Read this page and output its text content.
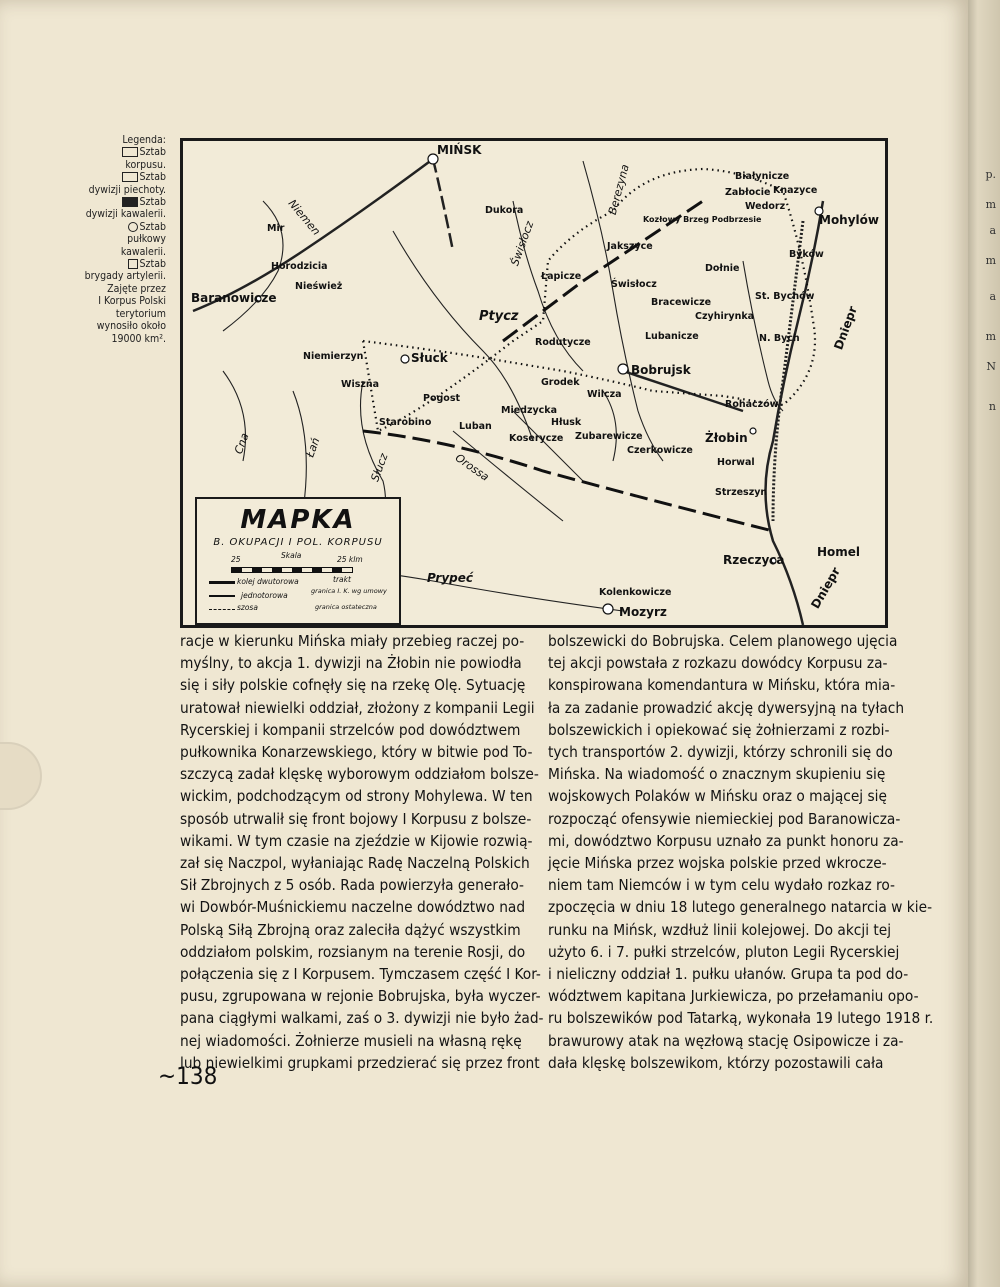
Legenda:
Sztab
korpusu.
Sztab
dywizji piechoty.
Sztab
dywizji kawalerii.
Sztab
pułkowy kawalerii.
Sztab
brygady artylerii.
Zajęte przez
I Korpus Polski
terytorium
wynosiło około
19000 km².
MIŃSK
Mohylów
Dukora
Mir
Horodzicia
Nieśwież
Baranowicze
Niemen
Świsłocz
Berezyna	Białynicze
Zabłocie Knazyce
Kozłowy Brzeg Podbrzesie
Wedorz
Jakszyce
Byków
Dołnie
St. Bychów
Łapicze
Świsłocz
Bracewicze
Czyhirynka
N. Bych
Lubanicze
Ptycz
Rodutycze
Bobrujsk
Niemierzyn	Słuck
Wiszna	Grodek
Wilcza
Pogost
Starobino
Miedzycka
Hłusk
Luban
Rohaczów
Żłobin
Koserycze Zubarewicze
Czerkowicze
Horwal
Strzeszyn
Orossa
Słucz
Łań
Cna
Rzeczyca
Homel
Prypeć
Kolenkowicze
Mozyrz
Dniepr
Dniepr
MAPKA
B. OKUPACJI I POL. KORPUSU
25	Skala	25 klm
kolej dwutorowa
jednotorowa
szosa
trakt
granica I. K. wg umowy
granica ostateczna
racje w kierunku Mińska miały przebieg raczej po-
myślny, to akcja 1. dywizji na Żłobin nie powiodła
się i siły polskie cofnęły się na rzekę Olę. Sytuację
uratował niewielki oddział, złożony z kompanii Legii
Rycerskiej i kompanii strzelców pod dowództwem
pułkownika Konarzewskiego, który w bitwie pod To-
szczycą zadał klęskę wyborowym oddziałom bolsze-
wickim, podchodzącym od strony Mohylewa. W ten
sposób utrwalił się front bojowy I Korpusu z bolsze-
wikami. W tym czasie na zjeździe w Kijowie rozwią-
zał się Naczpol, wyłaniając Radę Naczelną Polskich
Sił Zbrojnych z 5 osób. Rada powierzyła generało-
wi Dowbór-Muśnickiemu naczelne dowództwo nad
Polską Siłą Zbrojną oraz zaleciła dążyć wszystkim
oddziałom polskim, rozsianym na terenie Rosji, do
połączenia się z I Korpusem. Tymczasem część I Kor-
pusu, zgrupowana w rejonie Bobrujska, była wyczer-
pana ciągłymi walkami, zaś o 3. dywizji nie było żad-
nej wiadomości. Żołnierze musieli na własną rękę
lub niewielkimi grupkami przedzierać się przez front
bolszewicki do Bobrujska. Celem planowego ujęcia
tej akcji powstała z rozkazu dowódcy Korpusu za-
konspirowana komendantura w Mińsku, która mia-
ła za zadanie prowadzić akcję dywersyjną na tyłach
bolszewickich i opiekować się żołnierzami z rozbi-
tych transportów 2. dywizji, którzy schronili się do
Mińska. Na wiadomość o znacznym skupieniu się
wojskowych Polaków w Mińsku oraz o mającej się
rozpocząć ofensywie niemieckiej pod Baranowicza-
mi, dowództwo Korpusu uznało za punkt honoru za-
jęcie Mińska przez wojska polskie przed wkrocze-
niem tam Niemców i w tym celu wydało rozkaz ro-
zpoczęcia w dniu 18 lutego generalnego natarcia w kie-
runku na Mińsk, wzdłuż linii kolejowej. Do akcji tej
użyto 6. i 7. pułki strzelców, pluton Legii Rycerskiej
i nieliczny oddział 1. pułku ułanów. Grupa ta pod do-
wództwem kapitana Jurkiewicza, po przełamaniu opo-
ru bolszewików pod Tatarką, wykonała 19 lutego 1918 r.
brawurowy atak na węzłową stację Osipowicze i za-
dała klęskę bolszewikom, którzy pozostawili cała
~138
p.
m
a
m
a
m
N
n
